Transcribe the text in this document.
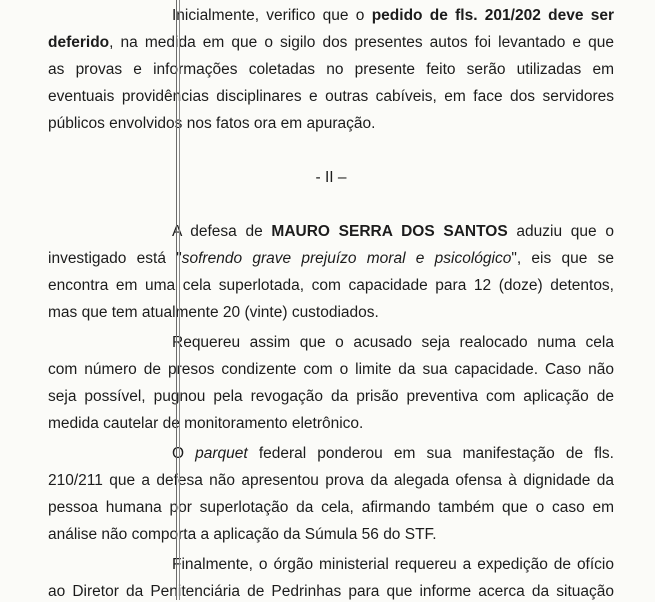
Inicialmente, verifico que o pedido de fls. 201/202 deve ser
deferido, na medida em que o sigilo dos presentes autos foi levantado e que
as provas e informações coletadas no presente feito serão utilizadas em
eventuais providências disciplinares e outras cabíveis, em face dos servidores
públicos envolvidos nos fatos ora em apuração.
- II –
A defesa de MAURO SERRA DOS SANTOS aduziu que o
investigado está "sofrendo grave prejuízo moral e psicológico", eis que se
encontra em uma cela superlotada, com capacidade para 12 (doze) detentos,
mas que tem atualmente 20 (vinte) custodiados.
Requereu assim que o acusado seja realocado numa cela
com número de presos condizente com o limite da sua capacidade. Caso não
seja possível, pugnou pela revogação da prisão preventiva com aplicação de
medida cautelar de monitoramento eletrônico.
O parquet federal ponderou em sua manifestação de fls.
210/211 que a defesa não apresentou prova da alegada ofensa à dignidade da
pessoa humana por superlotação da cela, afirmando também que o caso em
análise não comporta a aplicação da Súmula 56 do STF.
Finalmente, o órgão ministerial requereu a expedição de ofício
ao Diretor da Penitenciária de Pedrinhas para que informe acerca da situação
